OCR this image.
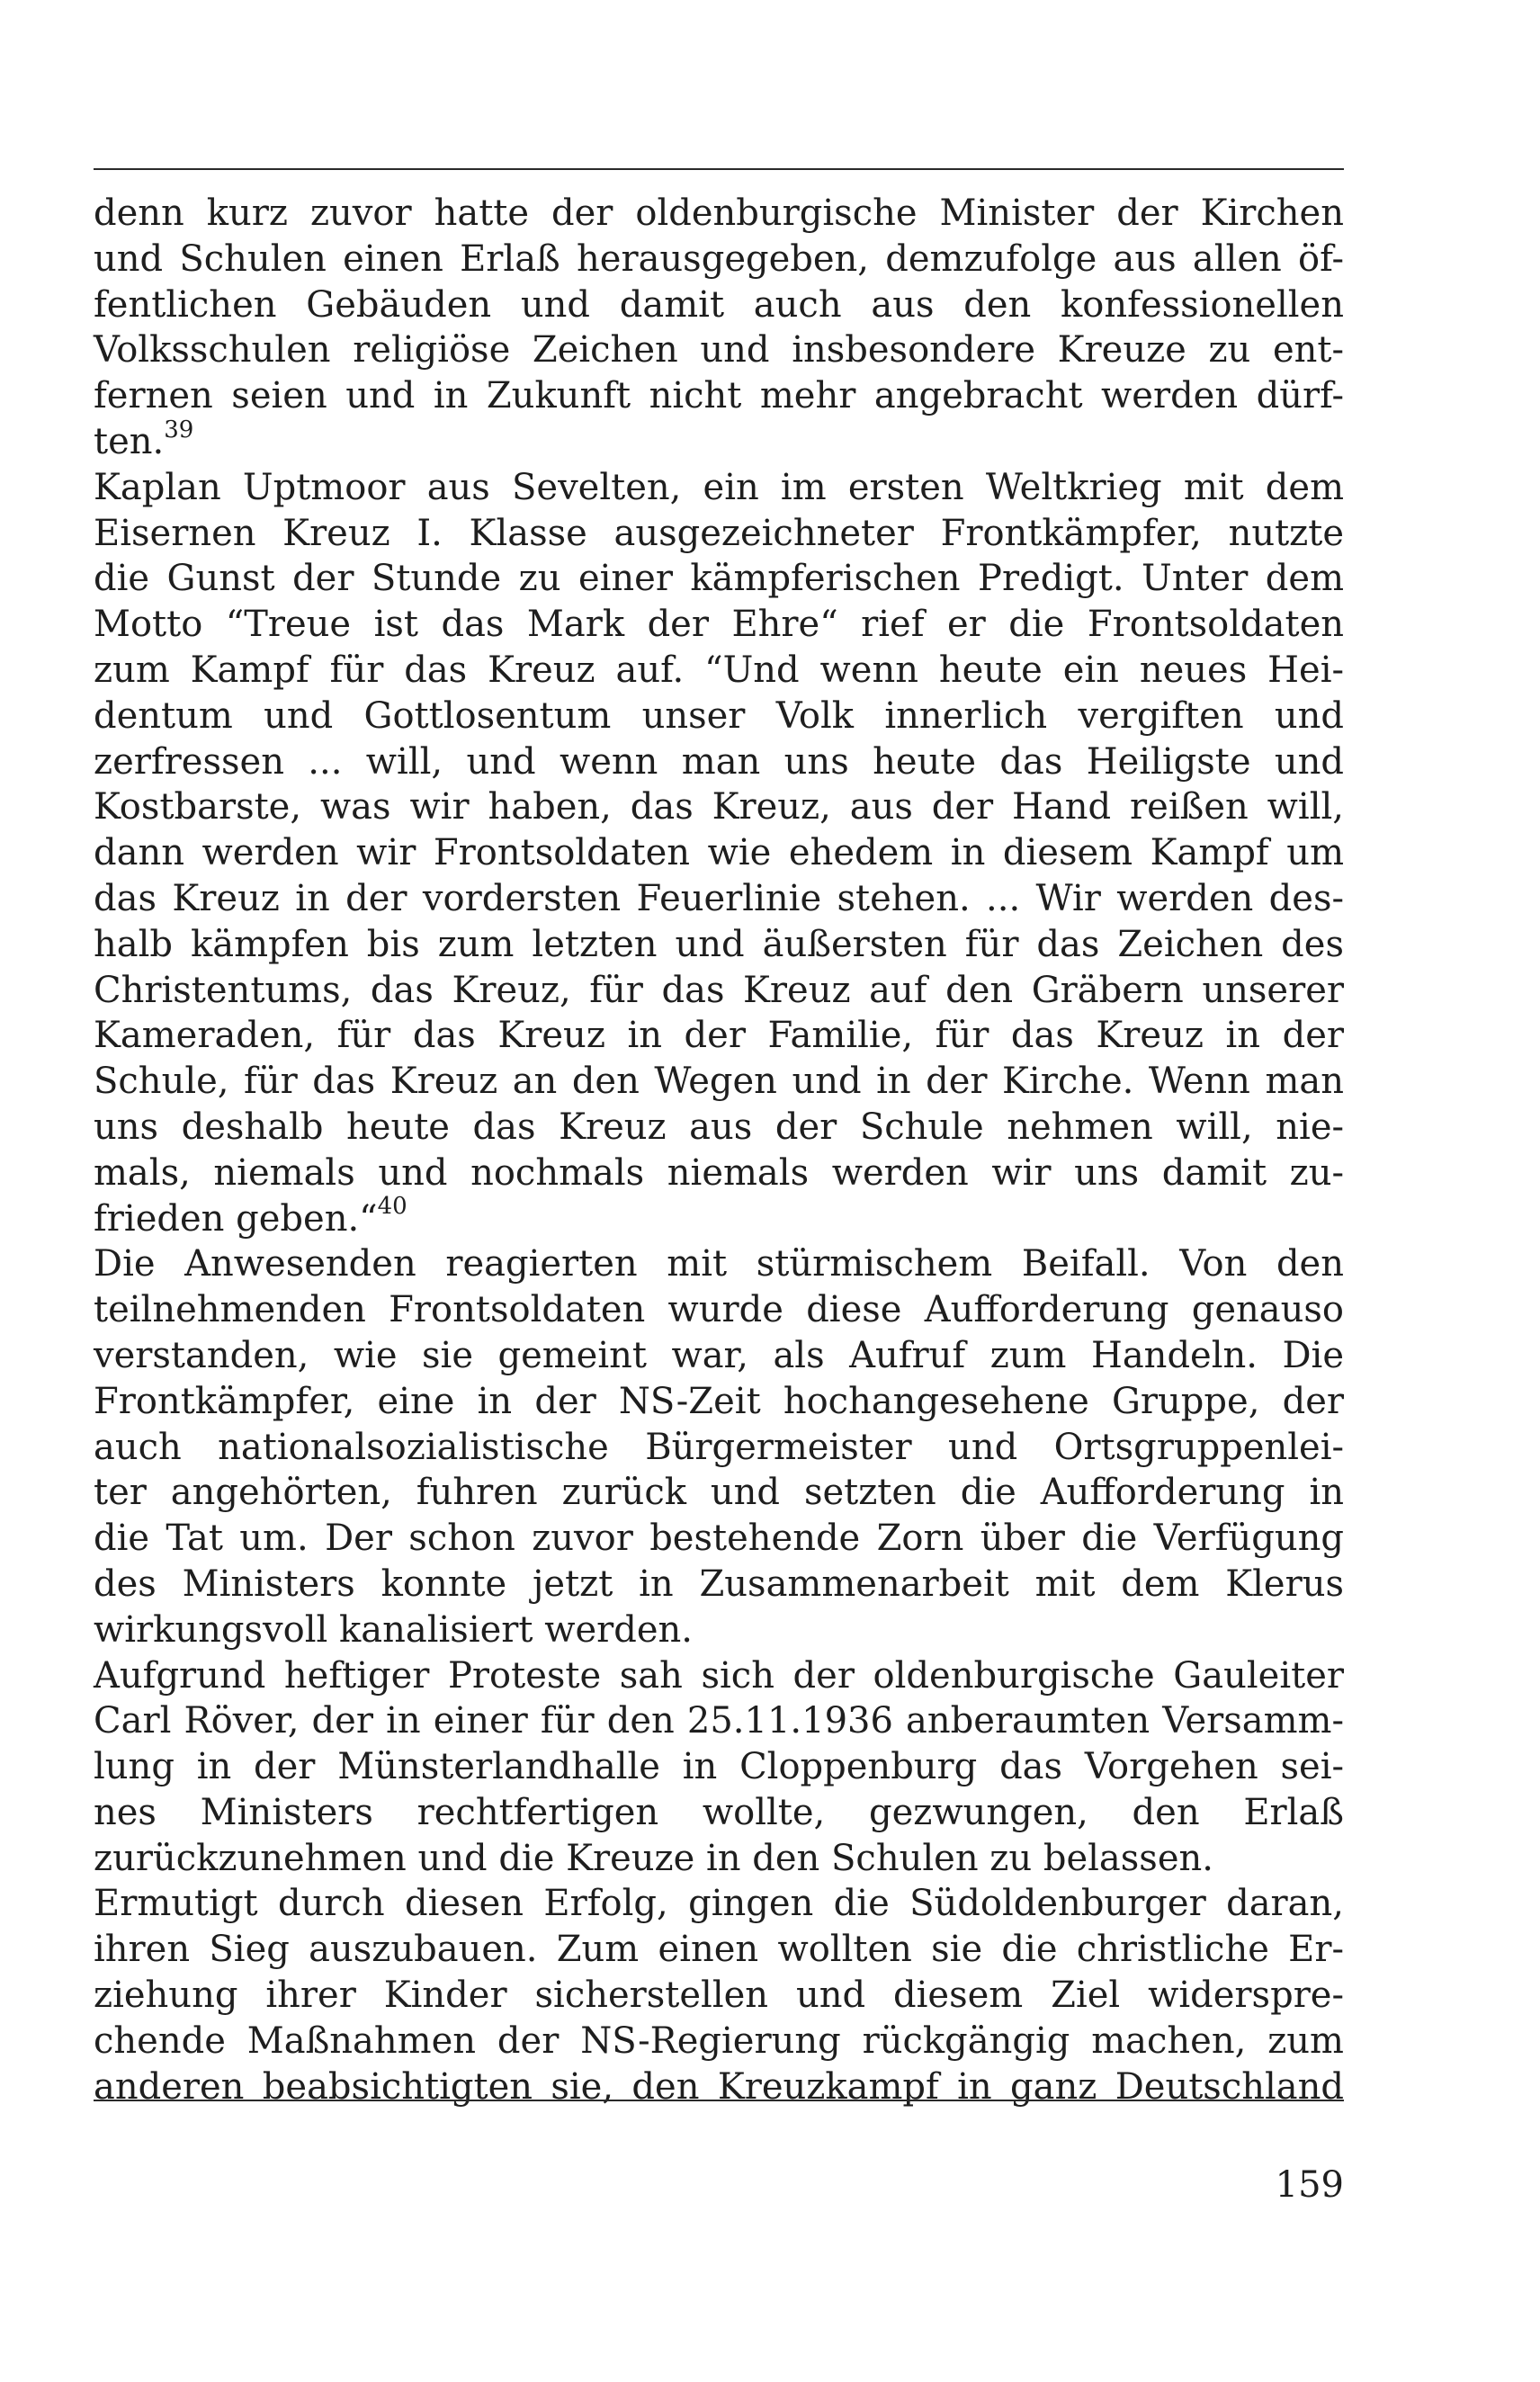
denn kurz zuvor hatte der oldenburgische Minister der Kirchen
und Schulen einen Erlaß herausgegeben, demzufolge aus allen öf-
fentlichen Gebäuden und damit auch aus den konfessionellen
Volksschulen religiöse Zeichen und insbesondere Kreuze zu ent-
fernen seien und in Zukunft nicht mehr angebracht werden dürf-
ten.$^{39}$
Kaplan Uptmoor aus Sevelten, ein im ersten Weltkrieg mit dem
Eisernen Kreuz I. Klasse ausgezeichneter Frontkämpfer, nutzte
die Gunst der Stunde zu einer kämpferischen Predigt. Unter dem
Motto “Treue ist das Mark der Ehre“ rief er die Frontsoldaten
zum Kampf für das Kreuz auf. “Und wenn heute ein neues Hei-
dentum und Gottlosentum unser Volk innerlich vergiften und
zerfressen ... will, und wenn man uns heute das Heiligste und
Kostbarste, was wir haben, das Kreuz, aus der Hand reißen will,
dann werden wir Frontsoldaten wie ehedem in diesem Kampf um
das Kreuz in der vordersten Feuerlinie stehen. ... Wir werden des-
halb kämpfen bis zum letzten und äußersten für das Zeichen des
Christentums, das Kreuz, für das Kreuz auf den Gräbern unserer
Kameraden, für das Kreuz in der Familie, für das Kreuz in der
Schule, für das Kreuz an den Wegen und in der Kirche. Wenn man
uns deshalb heute das Kreuz aus der Schule nehmen will, nie-
mals, niemals und nochmals niemals werden wir uns damit zu-
frieden geben.“$^{40}$
Die Anwesenden reagierten mit stürmischem Beifall. Von den
teilnehmenden Frontsoldaten wurde diese Aufforderung genauso
verstanden, wie sie gemeint war, als Aufruf zum Handeln. Die
Frontkämpfer, eine in der NS-Zeit hochangesehene Gruppe, der
auch nationalsozialistische Bürgermeister und Ortsgruppenlei-
ter angehörten, fuhren zurück und setzten die Aufforderung in
die Tat um. Der schon zuvor bestehende Zorn über die Verfügung
des Ministers konnte jetzt in Zusammenarbeit mit dem Klerus
wirkungsvoll kanalisiert werden.
Aufgrund heftiger Proteste sah sich der oldenburgische Gauleiter
Carl Röver, der in einer für den 25.11.1936 anberaumten Versamm-
lung in der Münsterlandhalle in Cloppenburg das Vorgehen sei-
nes Ministers rechtfertigen wollte, gezwungen, den Erlaß
zurückzunehmen und die Kreuze in den Schulen zu belassen.
Ermutigt durch diesen Erfolg, gingen die Südoldenburger daran,
ihren Sieg auszubauen. Zum einen wollten sie die christliche Er-
ziehung ihrer Kinder sicherstellen und diesem Ziel widerspre-
chende Maßnahmen der NS-Regierung rückgängig machen, zum
anderen beabsichtigten sie, den Kreuzkampf in ganz Deutschland
159
